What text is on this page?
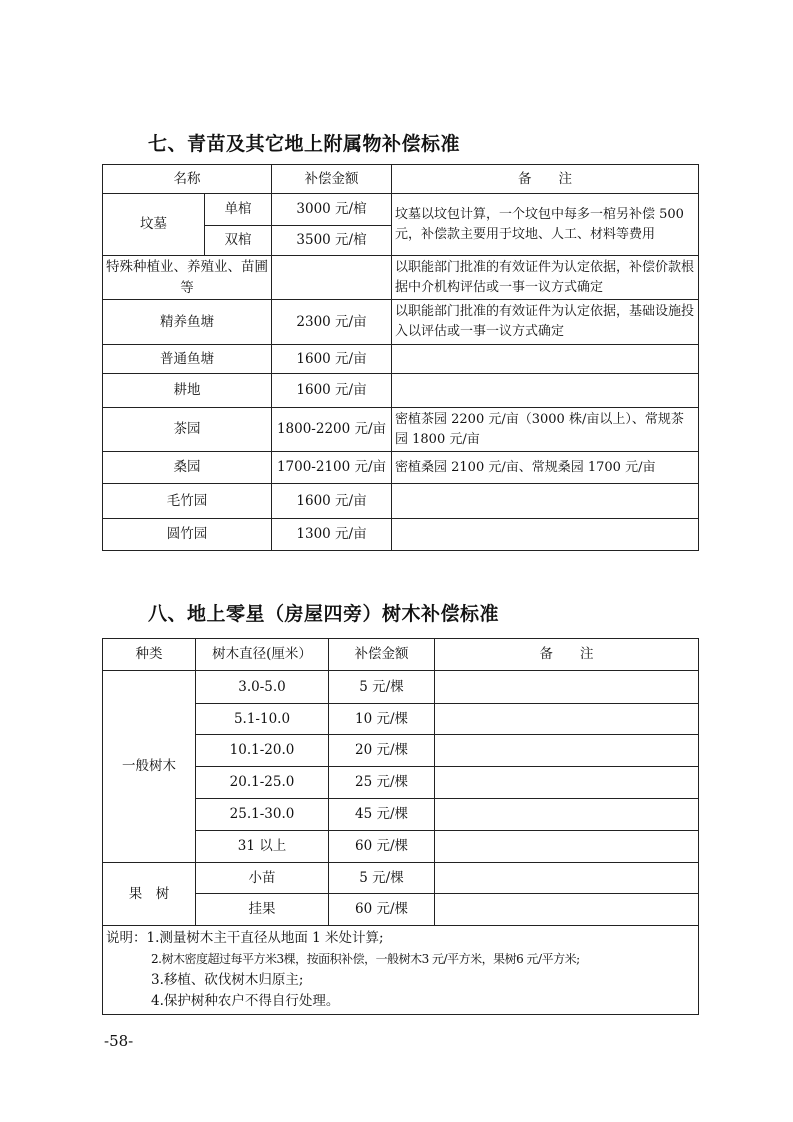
七、青苗及其它地上附属物补偿标准
名称		补偿金额	备　　注
坟墓	单棺	3000 元/棺	坟墓以坟包计算，一个坟包中每多一棺另补偿 500 元，补偿款主要用于坟地、人工、材料等费用
	双棺	3500 元/棺	
特殊种植业、养殖业、苗圃等			以职能部门批准的有效证件为认定依据，补偿价款根据中介机构评估或一事一议方式确定
精养鱼塘		2300 元/亩	以职能部门批准的有效证件为认定依据，基础设施投入以评估或一事一议方式确定
普通鱼塘		1600 元/亩	
耕地		1600 元/亩	
茶园		1800-2200 元/亩	密植茶园 2200 元/亩（3000 株/亩以上）、常规茶园 1800 元/亩
桑园		1700-2100 元/亩	密植桑园 2100 元/亩、常规桑园 1700 元/亩
毛竹园		1600 元/亩	
圆竹园		1300 元/亩	
八、地上零星（房屋四旁）树木补偿标准
种类	树木直径(厘米）	补偿金额	备　　注
一般树木	3.0-5.0	5 元/棵	
	5.1-10.0	10 元/棵	
	10.1-20.0	20 元/棵	
	20.1-25.0	25 元/棵	
	25.1-30.0	45 元/棵	
	31 以上	60 元/棵	
果　树	小苗	5 元/棵	
	挂果	60 元/棵	

说明：1.测量树木主干直径从地面 1 米处计算;
2.树木密度超过每平方米3棵，按面积补偿，一般树木3 元/平方米，果树6 元/平方米;
3.移植、砍伐树木归原主;
4.保护树种农户不得自行处理。			
-58-
